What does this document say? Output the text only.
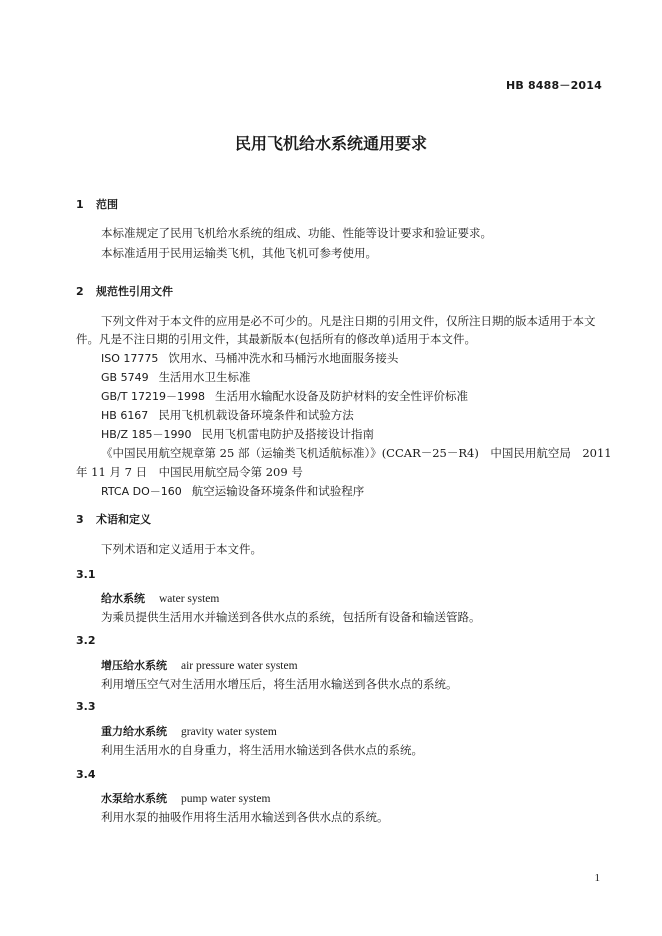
HB 8488－2014
民用飞机给水系统通用要求
1 范围
本标准规定了民用飞机给水系统的组成、功能、性能等设计要求和验证要求。
本标准适用于民用运输类飞机，其他飞机可参考使用。
2 规范性引用文件
下列文件对于本文件的应用是必不可少的。凡是注日期的引用文件，仅所注日期的版本适用于本文
件。凡是不注日期的引用文件，其最新版本(包括所有的修改单)适用于本文件。
ISO 17775 饮用水、马桶冲洗水和马桶污水地面服务接头
GB 5749 生活用水卫生标准
GB/T 17219－1998 生活用水输配水设备及防护材料的安全性评价标准
HB 6167 民用飞机机载设备环境条件和试验方法
HB/Z 185－1990 民用飞机雷电防护及搭接设计指南
《中国民用航空规章第 25 部（运输类飞机适航标准）》(CCAR－25－R4)　中国民用航空局　2011
年 11 月 7 日　中国民用航空局令第 209 号
RTCA DO－160 航空运输设备环境条件和试验程序
3 术语和定义
下列术语和定义适用于本文件。
3.1
给水系统 water system
为乘员提供生活用水并输送到各供水点的系统，包括所有设备和输送管路。
3.2
增压给水系统 air pressure water system
利用增压空气对生活用水增压后，将生活用水输送到各供水点的系统。
3.3
重力给水系统 gravity water system
利用生活用水的自身重力，将生活用水输送到各供水点的系统。
3.4
水泵给水系统 pump water system
利用水泵的抽吸作用将生活用水输送到各供水点的系统。
1
